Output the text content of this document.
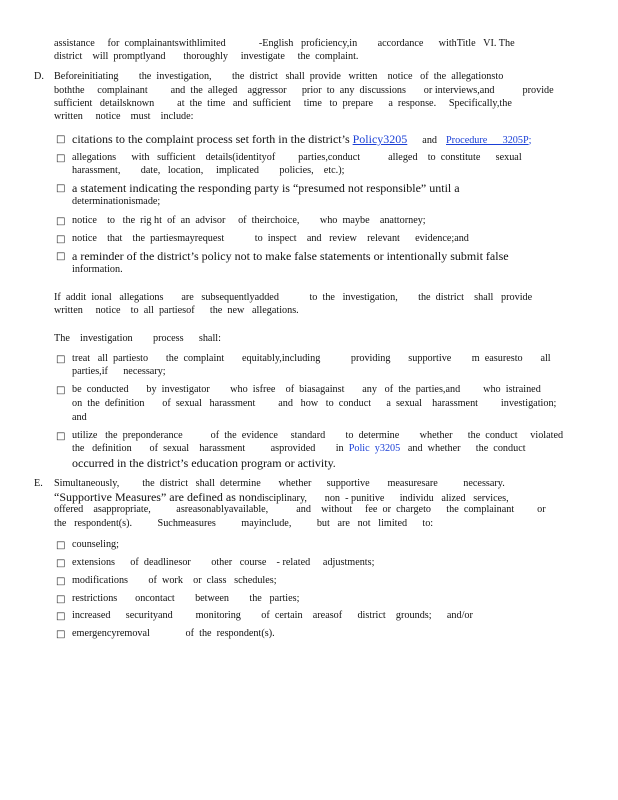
assistance     for  complainantswithlimited             -English   proficiency,in        accordance      withTitle   VI. The
district    will  promptlyand       thoroughly     investigate     the  complaint.
D. Beforeinitiating        the  investigation,        the  district   shall  provide   written    notice   of  the  allegationsto
boththe     complainant         and  the  alleged    aggressor      prior  to  any  discussions       or interviews,and           provide
sufficient   detailsknown         at  the  time   and  sufficient     time   to  prepare      a  response.     Specifically,the
written     notice    must    include:
□ citations to the complaint process set forth in the district’s Policy3205 and Procedure      3205P;
□ allegations      with   sufficient    details(identityof         parties,conduct           alleged    to  constitute      sexual
harassment,        date,   location,     implicated        policies,    etc.);
□ a statement indicating the responding party is “presumed not responsible” until a
determinationismade;
□ notice    to   the  rig ht  of  an  advisor     of  theirchoice,        who  maybe    anattorney;
□ notice    that    the  partiesmayrequest            to  inspect    and   review    relevant      evidence;and
□ a reminder of the district’s policy not to make false statements or intentionally submit false
information.
If  addit  ional   allegations       are   subsequentlyadded            to  the   investigation,        the  district    shall   provide
written     notice    to  all  partiesof      the  new   allegations.
The    investigation        process      shall:
□ treat   all  partiesto       the  complaint       equitably,including            providing       supportive        m  easuresto       all
parties,if      necessary;
□ be  conducted       by  investigator        who  isfree    of  biasagainst       any   of  the  parties,and         who  istrained
on  the  definition       of  sexual   harassment         and   how   to  conduct      a  sexual    harassment         investigation;
and
□ utilize   the  preponderance           of  the  evidence     standard        to  determine        whether      the  conduct     violated
the   definition       of  sexual    harassment          asprovided        in  Polic  y3205   and  whether      the  conduct
occurred in the district’s education program or activity.
E. Simultaneously,         the  district   shall  determine       whether      supportive       measuresare          necessary.
“Supportive Measures” are defined as nondisciplinary,       non  - punitive      individu   alized   services,
offered    asappropriate,          asreasonablyavailable,           and    without     fee  or  chargeto      the  complainant         or
the   respondent(s).          Suchmeasures          mayinclude,          but   are   not   limited      to:
□ counseling;
□ extensions      of  deadlinesor        other   course    - related     adjustments;
□ modifications        of  work    or  class   schedules;
□ restrictions       oncontact        between        the   parties;
□ increased      securityand         monitoring        of  certain    areasof      district    grounds;      and/or
□ emergencyremoval              of  the  respondent(s).
